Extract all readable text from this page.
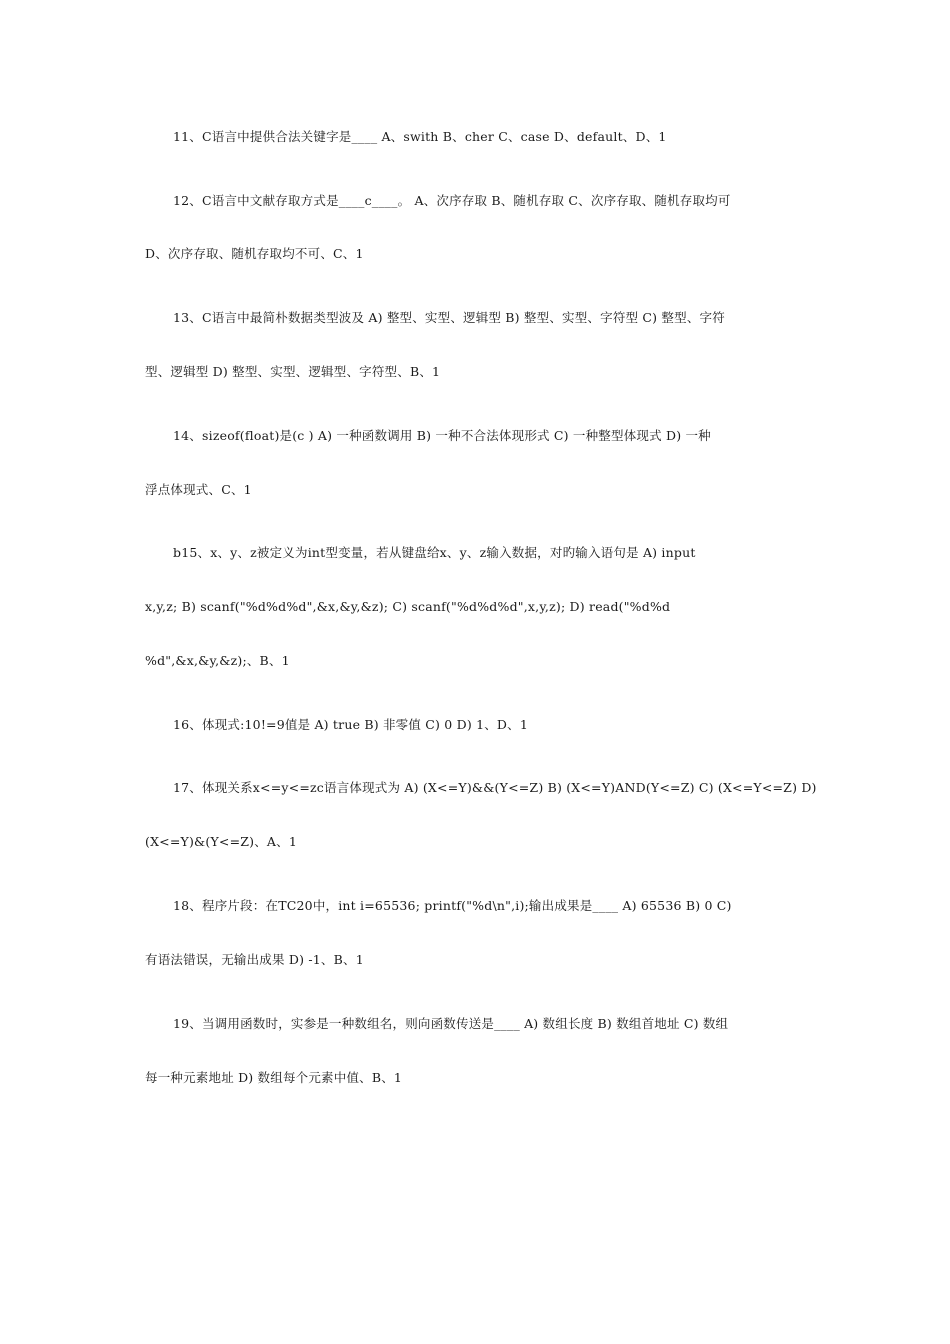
11、C语言中提供合法关键字是____ A、swith B、cher C、case D、default、D、1
12、C语言中文献存取方式是____c____。 A、次序存取 B、随机存取 C、次序存取、随机存取均可
D、次序存取、随机存取均不可、C、1
13、C语言中最简朴数据类型波及 A) 整型、实型、逻辑型 B) 整型、实型、字符型 C) 整型、字符
型、逻辑型 D) 整型、实型、逻辑型、字符型、B、1
14、sizeof(float)是(c ) A) 一种函数调用 B) 一种不合法体现形式 C) 一种整型体现式 D) 一种
浮点体现式、C、1
b15、x、y、z被定义为int型变量，若从键盘给x、y、z输入数据，对旳输入语句是 A) input
x,y,z; B) scanf("%d%d%d",&x,&y,&z); C) scanf("%d%d%d",x,y,z); D) read("%d%d
%d",&x,&y,&z);、B、1
16、体现式:10!=9值是 A) true B) 非零值 C) 0 D) 1、D、1
17、体现关系x<=y<=zc语言体现式为 A) (X<=Y)&&(Y<=Z) B) (X<=Y)AND(Y<=Z) C) (X<=Y<=Z) D)
(X<=Y)&(Y<=Z)、A、1
18、程序片段：在TC20中，int i=65536; printf("%d\n",i);输出成果是____ A) 65536 B) 0 C)
有语法错误，无输出成果 D) -1、B、1
19、当调用函数时，实参是一种数组名，则向函数传送是____ A) 数组长度 B) 数组首地址 C) 数组
每一种元素地址 D) 数组每个元素中值、B、1
